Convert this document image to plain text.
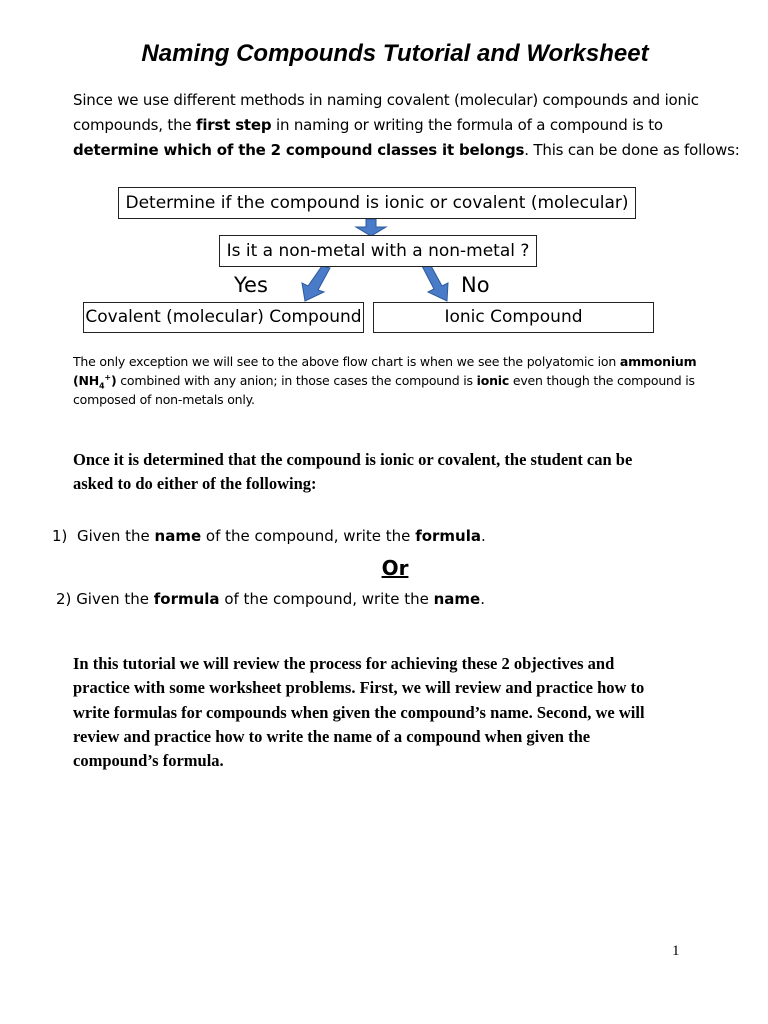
Naming Compounds Tutorial and Worksheet

Since we use different methods in naming covalent (molecular) compounds and ionic
compounds, the first step in naming or writing the formula of a compound is to
determine which of the 2 compound classes it belongs. This can be done as follows:

Determine if the compound is ionic or covalent (molecular)
Is it a non-metal with a non-metal ?
Yes	No
Covalent (molecular) Compound	Ionic Compound

The only exception we will see to the above flow chart is when we see the polyatomic ion ammonium
$(NH_4^+)$ combined with any anion; in those cases the compound is ionic even though the compound is
composed of non-metals only.

Once it is determined that the compound is ionic or covalent, the student can be
asked to do either of the following:

1) Given the name of the compound, write the formula.

Or

2) Given the formula of the compound, write the name.

In this tutorial we will review the process for achieving these 2 objectives and
practice with some worksheet problems. First, we will review and practice how to
write formulas for compounds when given the compound’s name. Second, we will
review and practice how to write the name of a compound when given the
compound’s formula.

1
